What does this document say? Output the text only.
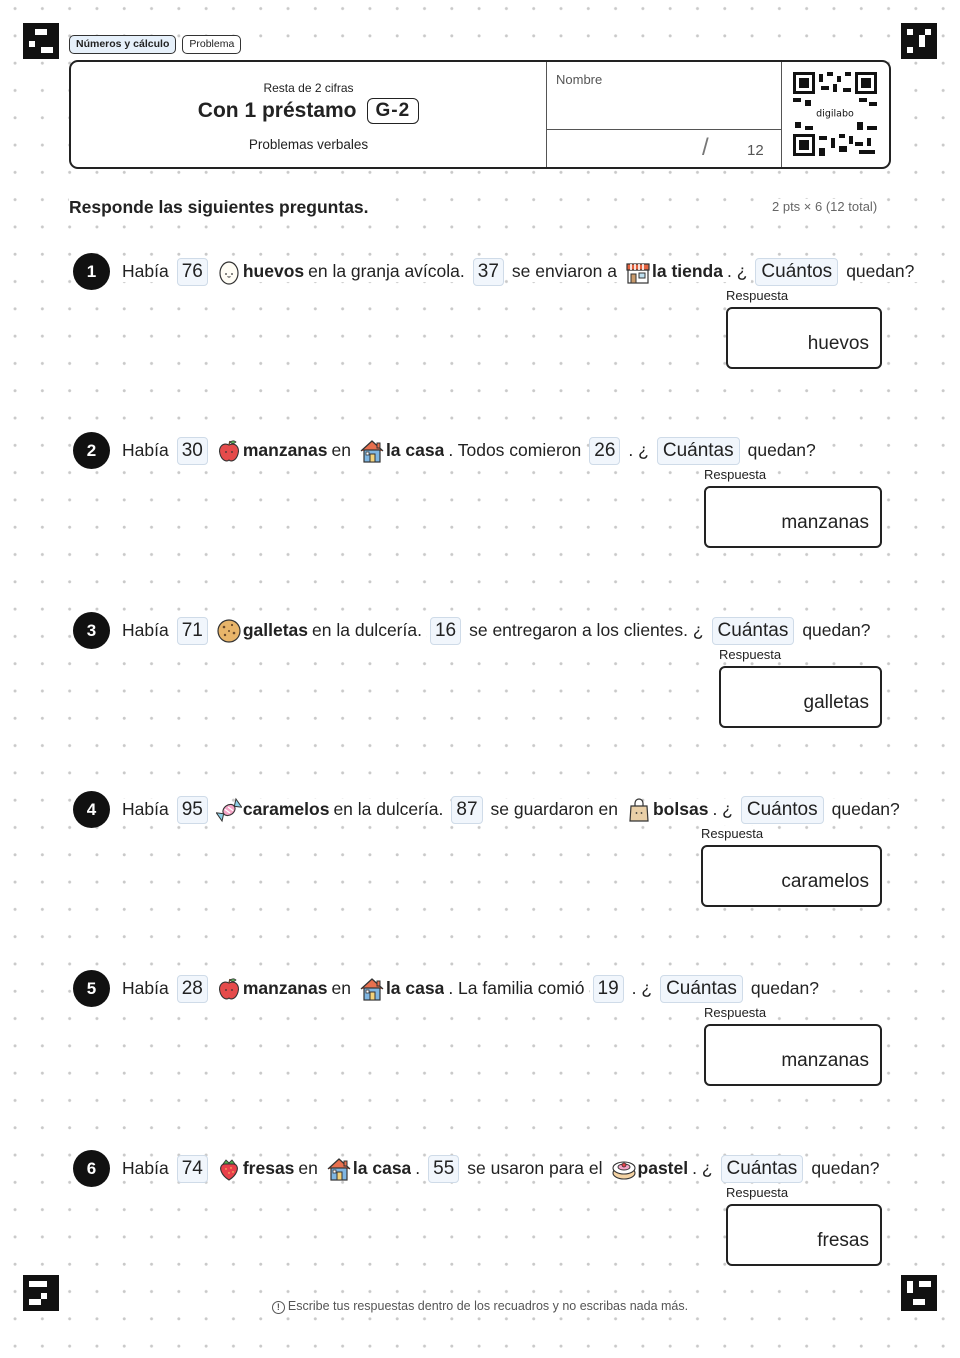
Números y cálculo	Problema
Resta de 2 cifras
Con 1 préstamo	G-2
Problemas verbales
Nombre
/	12
digilabo
Responde las siguientes preguntas.	2 pts × 6 (12 total)
1	Había 76 huevos en la granja avícola. 37 se enviaron a la tienda . ¿ Cuántos quedan?
Respuesta
huevos
2	Había 30 manzanas en la casa . Todos comieron 26 . ¿ Cuántas quedan?
Respuesta
manzanas
3	Había 71 galletas en la dulcería. 16 se entregaron a los clientes. ¿ Cuántas quedan?
Respuesta
galletas
4	Había 95 caramelos en la dulcería. 87 se guardaron en bolsas . ¿ Cuántos quedan?
Respuesta
caramelos
5	Había 28 manzanas en la casa . La familia comió 19 . ¿ Cuántas quedan?
Respuesta
manzanas
6	Había 74 fresas en la casa . 55 se usaron para el pastel . ¿ Cuántas quedan?
Respuesta
fresas
! Escribe tus respuestas dentro de los recuadros y no escribas nada más.
